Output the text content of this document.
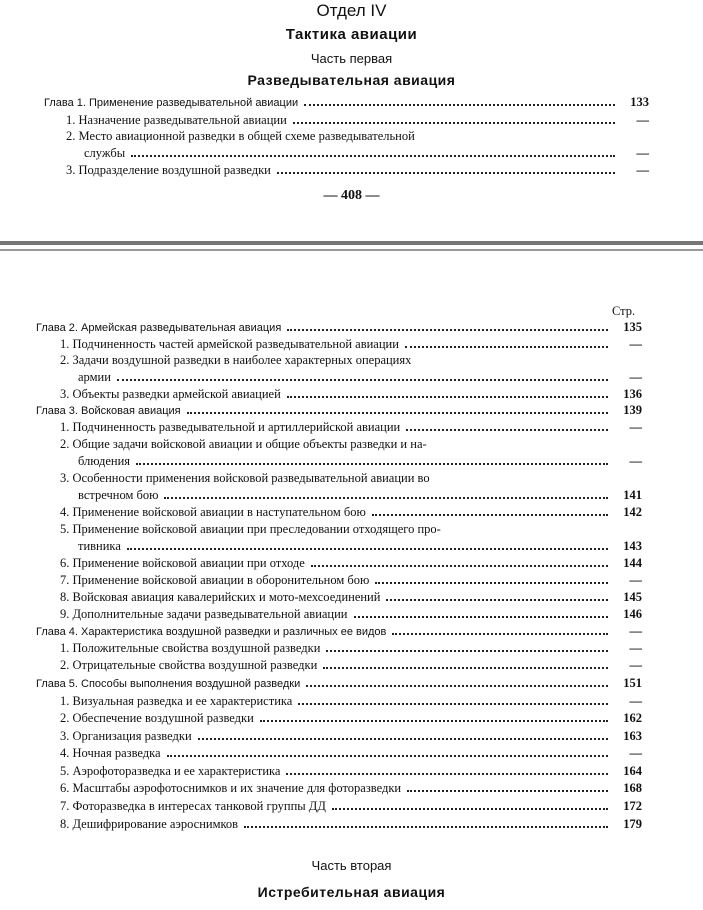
Отдел IV
Тактика авиации
Часть первая
Разведывательная авиация
Глава 1. Применение разведывательной авиации	133
1. Назначение разведывательной авиации	—
2. Место авиационной разведки в общей схеме разведывательной
службы	—
3. Подразделение воздушной разведки	—
— 408 —
Стр.
Глава 2. Армейская разведывательная авиация	135
1. Подчиненность частей армейской разведывательной авиации	—
2. Задачи воздушной разведки в наиболее характерных операциях
армии	—
3. Объекты разведки армейской авиацией	136
Глава 3. Войсковая авиация	139
1. Подчиненность разведывательной и артиллерийской авиации	—
2. Общие задачи войсковой авиации и общие объекты разведки и на-
блюдения	—
3. Особенности применения войсковой разведывательной авиации во
встречном бою	141
4. Применение войсковой авиации в наступательном бою	142
5. Применение войсковой авиации при преследовании отходящего про-
тивника	143
6. Применение войсковой авиации при отходе	144
7. Применение войсковой авиации в оборонительном бою	—
8. Войсковая авиация кавалерийских и мото-мехсоединений	145
9. Дополнительные задачи разведывательной авиации	146
Глава 4. Характеристика воздушной разведки и различных ее видов	—
1. Положительные свойства воздушной разведки	—
2. Отрицательные свойства воздушной разведки	—
Глава 5. Способы выполнения воздушной разведки	151
1. Визуальная разведка и ее характеристика	—
2. Обеспечение воздушной разведки	162
3. Организация разведки	163
4. Ночная разведка	—
5. Аэрофоторазведка и ее характеристика	164
6. Масштабы аэрофотоснимков и их значение для фоторазведки	168
7. Фоторазведка в интересах танковой группы ДД	172
8. Дешифрирование аэроснимков	179
Часть вторая
Истребительная авиация
